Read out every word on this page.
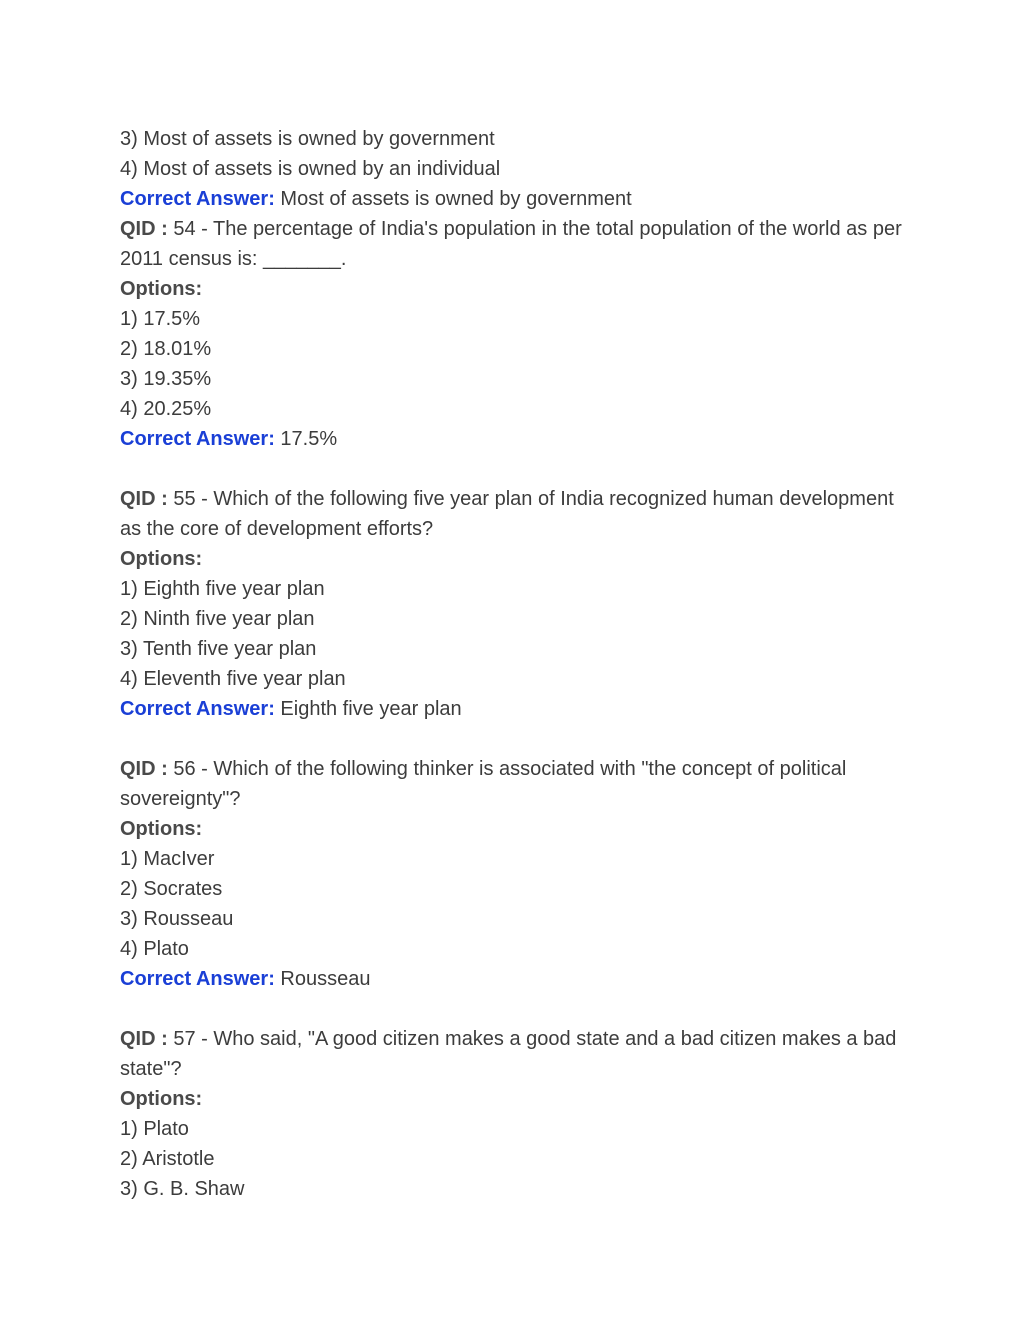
3) Most of assets is owned by government

4) Most of assets is owned by an individual

Correct Answer: Most of assets is owned by government

QID : 54 - The percentage of India's population in the total population of the world as per 2011 census is: _______.

Options:

1) 17.5%

2) 18.01%

3) 19.35%

4) 20.25%

Correct Answer: 17.5%

QID : 55 - Which of the following five year plan of India recognized human development as the core of development efforts?

Options:

1) Eighth five year plan

2) Ninth five year plan

3) Tenth five year plan

4) Eleventh five year plan

Correct Answer: Eighth five year plan

QID : 56 - Which of the following thinker is associated with "the concept of political sovereignty"?

Options:

1) MacIver

2) Socrates

3) Rousseau

4) Plato

Correct Answer: Rousseau

QID : 57 - Who said, "A good citizen makes a good state and a bad citizen makes a bad state"?

Options:

1) Plato

2) Aristotle

3) G. B. Shaw
